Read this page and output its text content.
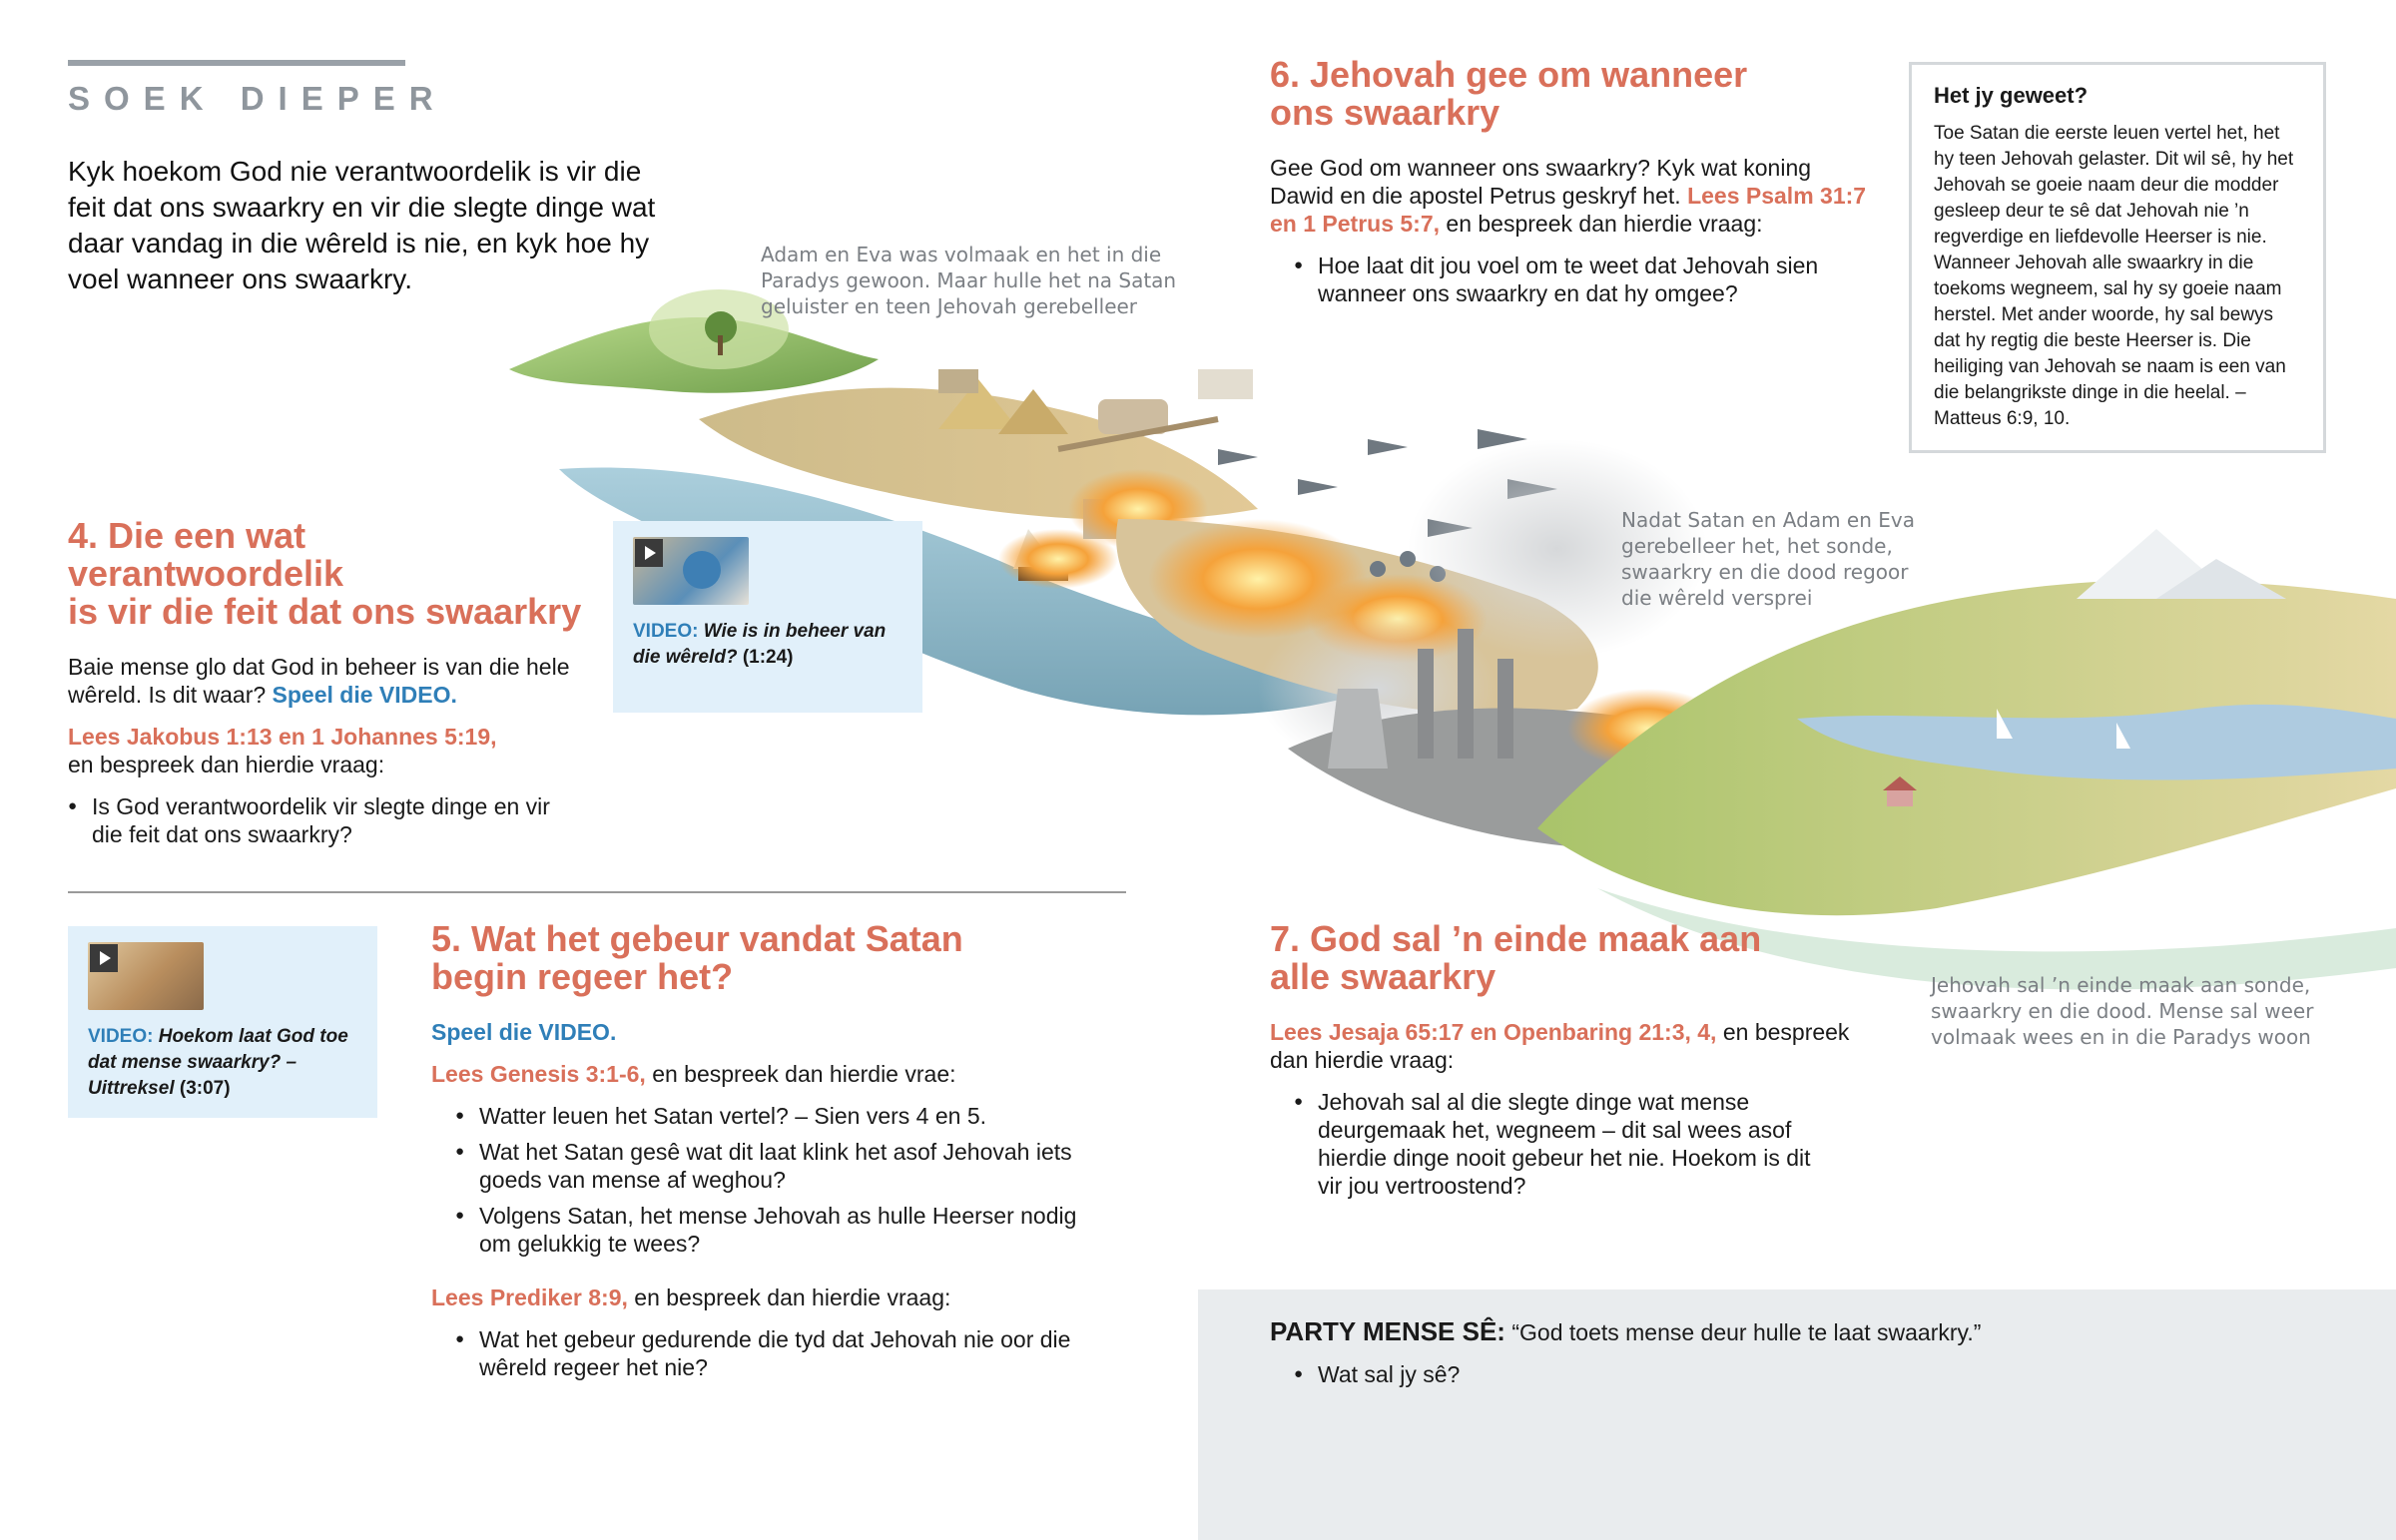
SOEK DIEPER

Kyk hoekom God nie verantwoordelik is vir die feit dat ons swaarkry en vir die slegte dinge wat daar vandag in die wêreld is nie, en kyk hoe hy voel wanneer ons swaarkry.

Adam en Eva was volmaak en het in die
Paradys gewoon. Maar hulle het na Satan
geluister en teen Jehovah gerebelleer
Nadat Satan en Adam en Eva
gerebelleer het, het sonde,
swaarkry en die dood regoor
die wêreld versprei
Jehovah sal ’n einde maak aan sonde,
swaarkry en die dood. Mense sal weer
volmaak wees en in die Paradys woon
4. Die een wat verantwoordelik
is vir die feit dat ons swaarkry

Baie mense glo dat God in beheer is van die hele wêreld. Is dit waar? Speel die VIDEO.

Lees Jakobus 1:13 en 1 Johannes 5:19,
en bespreek dan hierdie vraag:

● Is God verantwoordelik vir slegte dinge en vir die feit dat ons swaarkry?
VIDEO: Wie is in beheer van die wêreld? (1:24)
VIDEO: Hoekom laat God toe dat mense swaarkry? – Uittreksel (3:07)
5. Wat het gebeur vandat Satan
begin regeer het?

Speel die VIDEO.

Lees Genesis 3:1-6, en bespreek dan hierdie vrae:

● Watter leuen het Satan vertel? – Sien vers 4 en 5.
● Wat het Satan gesê wat dit laat klink het asof Jehovah iets goeds van mense af weghou?
● Volgens Satan, het mense Jehovah as hulle Heerser nodig om gelukkig te wees?

Lees Prediker 8:9, en bespreek dan hierdie vraag:

● Wat het gebeur gedurende die tyd dat Jehovah nie oor die wêreld regeer het nie?
6. Jehovah gee om wanneer
ons swaarkry

Gee God om wanneer ons swaarkry? Kyk wat koning Dawid en die apostel Petrus geskryf het. Lees Psalm 31:7 en 1 Petrus 5:7, en bespreek dan hierdie vraag:

● Hoe laat dit jou voel om te weet dat Jehovah sien wanneer ons swaarkry en dat hy omgee?
Het jy geweet?

Toe Satan die eerste leuen vertel het, het hy teen Jehovah gelaster. Dit wil sê, hy het Jehovah se goeie naam deur die modder gesleep deur te sê dat Jehovah nie ’n regverdige en liefdevolle Heerser is nie. Wanneer Jehovah alle swaarkry in die toekoms wegneem, sal hy sy goeie naam herstel. Met ander woorde, hy sal bewys dat hy regtig die beste Heerser is. Die heiliging van Jehovah se naam is een van die belangrikste dinge in die heelal. – Matteus 6:9, 10.

7. God sal ’n einde maak aan
alle swaarkry

Lees Jesaja 65:17 en Openbaring 21:3, 4, en bespreek dan hierdie vraag:

● Jehovah sal al die slegte dinge wat mense deurgemaak het, wegneem – dit sal wees asof hierdie dinge nooit gebeur het nie. Hoekom is dit vir jou vertroostend?

PARTY MENSE SÊ: “God toets mense deur hulle te laat swaarkry.”

● Wat sal jy sê?
